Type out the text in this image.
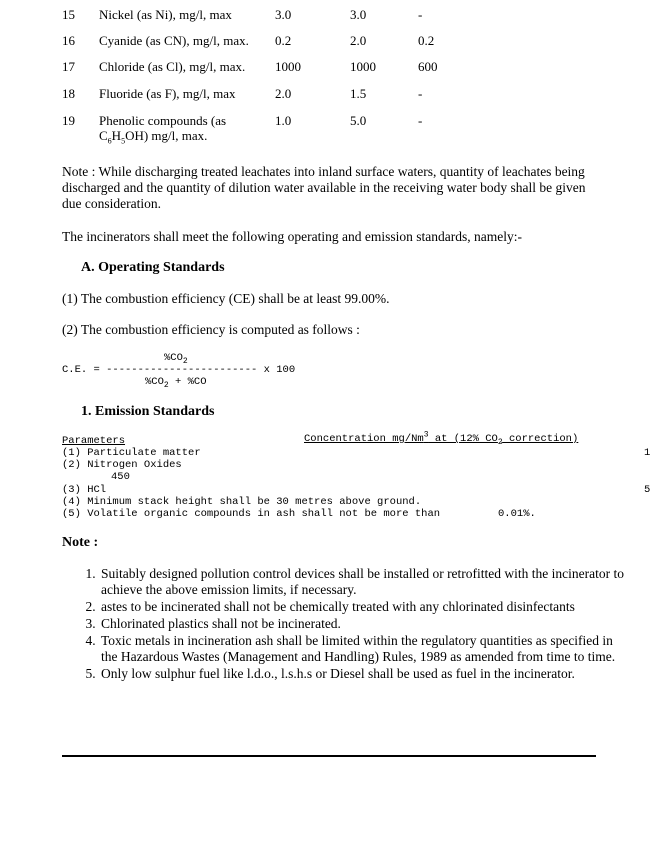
15 Nickel (as Ni), mg/l, max	3.0	3.0	-
16 Cyanide (as CN), mg/l, max. 0.2	2.0	0.2
17 Chloride (as Cl), mg/l, max. 1000	1000	600
18 Fluoride (as F), mg/l, max	2.0	1.5	-
19 Phenolic compounds (as
$C_6H_5OH$) mg/l, max.
1.0	5.0	-
Note : While discharging treated leachates into inland surface waters, quantity of leachates being discharged and the quantity of dilution water available in the receiving water body shall be given due consideration.
The incinerators shall meet the following operating and emission standards, namely:-
A. Operating Standards
(1) The combustion efficiency (CE) shall be at least 99.00%.
(2) The combustion efficiency is computed as follows :
$\%CO_2$
C.E. = ------------------------ x 100
$\%CO_2 + \%CO$
1. Emission Standards
Parameters	Concentration mg/Nm$^3$ at (12% $CO_2$ correction)
(1) Particulate matter	1
(2) Nitrogen Oxides
450
(3) HCl	5
(4) Minimum stack height shall be 30 metres above ground.
(5) Volatile organic compounds in ash shall not be more than	0.01%.
Note :
1. Suitably designed pollution control devices shall be installed or retrofitted with the incinerator to achieve the above emission limits, if necessary.
2. astes to be incinerated shall not be chemically treated with any chlorinated disinfectants
3. Chlorinated plastics shall not be incinerated.
4. Toxic metals in incineration ash shall be limited within the regulatory quantities as specified in the Hazardous Wastes (Management and Handling) Rules, 1989 as amended from time to time.
5. Only low sulphur fuel like l.d.o., l.s.h.s or Diesel shall be used as fuel in the incinerator.
